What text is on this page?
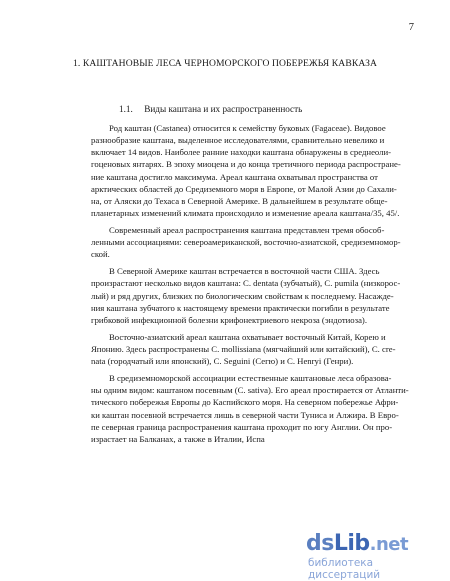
7
1. КАШТАНОВЫЕ ЛЕСА ЧЕРНОМОРСКОГО ПОБЕРЕЖЬЯ КАВКАЗА
1.1.     Виды каштана и их распространенность

Род каштан (Castanea) относится к семейству буковых (Fagaceae). Видовое
разнообразие каштана, выделенное исследователями, сравнительно невелико и
включает 14 видов. Наиболее ранние находки каштана обнаружены в среднеоли-
гоценовых янтарях. В эпоху миоцена и до конца третичного периода распростране-
ние каштана достигло максимума. Ареал каштана охватывал пространства от
арктических областей до Средиземного моря в Европе, от Малой Азии до Сахали-
на, от Аляски до Техаса в Северной Америке. В дальнейшем в результате обще-
планетарных изменений климата происходило и изменение ареала каштана/35, 45/.

Современный ареал распространения каштана представлен тремя обособ-
ленными ассоциациями: североамериканской, восточно-азиатской, средиземномор-
ской.

В Северной Америке каштан встречается в восточной части США. Здесь
произрастают несколько видов каштана: C. dentata (зубчатый), C. pumila (низкорос-
лый) и ряд других, близких по биологическим свойствам к последнему. Насажде-
ния каштана зубчатого к настоящему времени практически погибли в результате
грибковой инфекционной болезни крифонектриевого некроза (эндотиоза).

Восточно-азиатский ареал каштана охватывает восточный Китай, Корею и
Японию. Здесь распространены C. mollissiana (мягчайший или китайский), C. cre-
nata (городчатый или японский), C. Seguini (Сегю) и C. Henryi (Генри).

В средиземноморской ассоциации естественные каштановые леса образова-
ны одним видом: каштаном посевным (C. sativa). Его ареал простирается от Атланти-
тического побережья Европы до Каспийского моря. На северном побережье Афри-
ки каштан посевной встречается лишь в северной части Туниса и Алжира. В Евро-
пе северная граница распространения каштана проходит по югу Англии. Он про-
израстает на Балканах, а также в Италии, Испа

dsLib.net
библиотека диссертаций
